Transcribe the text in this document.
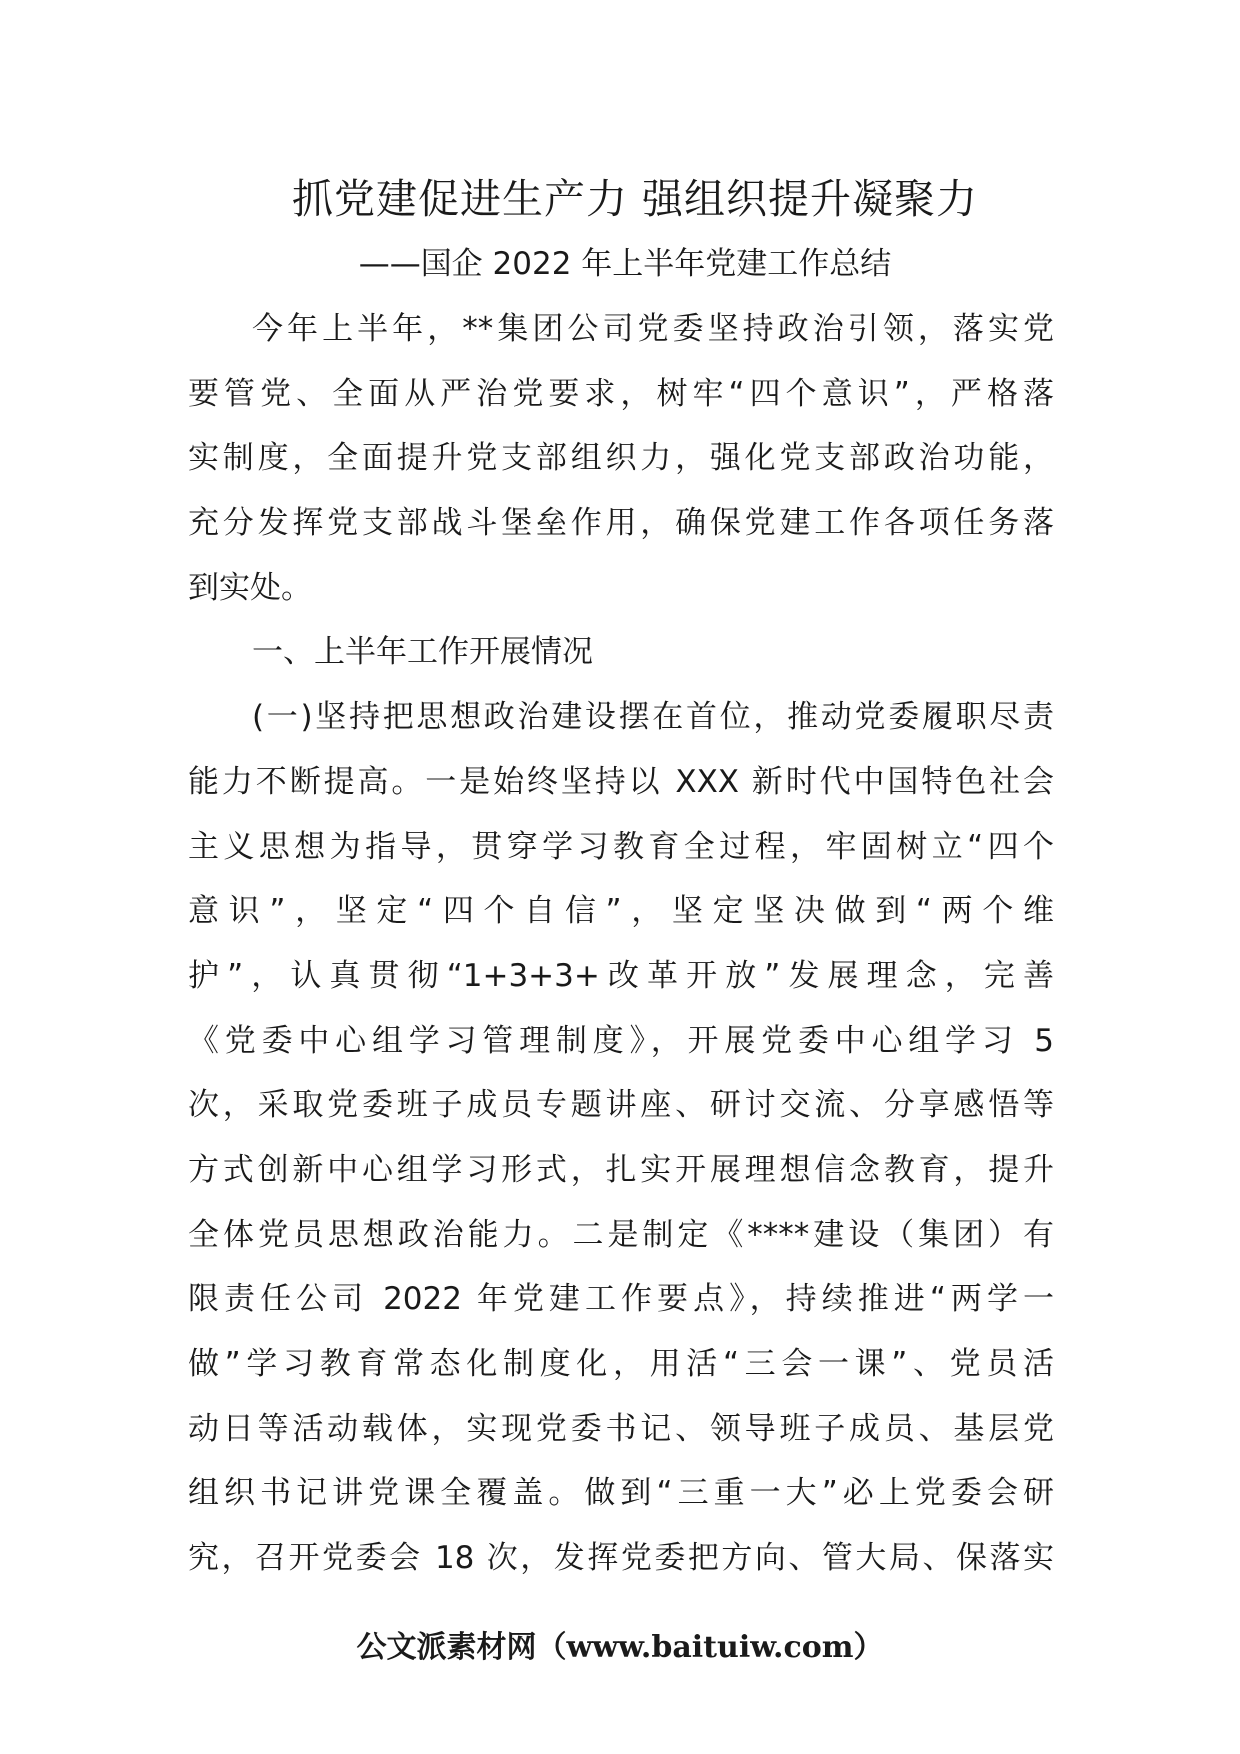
抓党建促进生产力 强组织提升凝聚力
——国企 2022 年上半年党建工作总结
今年上半年，**集团公司党委坚持政治引领，落实党
要管党、全面从严治党要求，树牢“四个意识”，严格落
实制度，全面提升党支部组织力，强化党支部政治功能，
充分发挥党支部战斗堡垒作用，确保党建工作各项任务落
到实处。
一、上半年工作开展情况
(一)坚持把思想政治建设摆在首位，推动党委履职尽责
能力不断提高。一是始终坚持以 XXX 新时代中国特色社会
主义思想为指导，贯穿学习教育全过程，牢固树立“四个
意识”，坚定“四个自信”，坚定坚决做到“两个维
护”，认真贯彻“1+3+3+改革开放”发展理念，完善
《党委中心组学习管理制度》，开展党委中心组学习 5
次，采取党委班子成员专题讲座、研讨交流、分享感悟等
方式创新中心组学习形式，扎实开展理想信念教育，提升
全体党员思想政治能力。二是制定《****建设（集团）有
限责任公司 2022 年党建工作要点》，持续推进“两学一
做”学习教育常态化制度化，用活“三会一课”、党员活
动日等活动载体，实现党委书记、领导班子成员、基层党
组织书记讲党课全覆盖。做到“三重一大”必上党委会研
究，召开党委会 18 次，发挥党委把方向、管大局、保落实
公文派素材网（www.baituiw.com）
